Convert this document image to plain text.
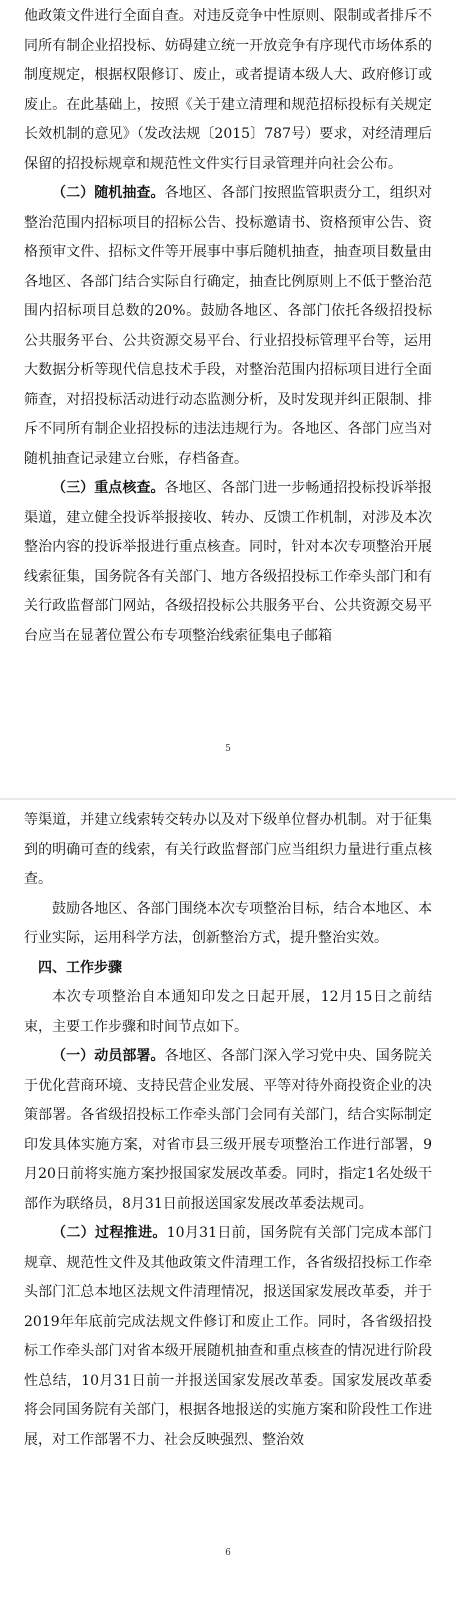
他政策文件进行全面自查。对违反竞争中性原则、限制或者排斥不同所有制企业招投标、妨碍建立统一开放竞争有序现代市场体系的制度规定，根据权限修订、废止，或者提请本级人大、政府修订或废止。在此基础上，按照《关于建立清理和规范招标投标有关规定长效机制的意见》（发改法规〔2015〕787号）要求，对经清理后保留的招投标规章和规范性文件实行目录管理并向社会公布。

（二）随机抽查。各地区、各部门按照监管职责分工，组织对整治范围内招标项目的招标公告、投标邀请书、资格预审公告、资格预审文件、招标文件等开展事中事后随机抽查，抽查项目数量由各地区、各部门结合实际自行确定，抽查比例原则上不低于整治范围内招标项目总数的20%。鼓励各地区、各部门依托各级招投标公共服务平台、公共资源交易平台、行业招投标管理平台等，运用大数据分析等现代信息技术手段，对整治范围内招标项目进行全面筛查，对招投标活动进行动态监测分析，及时发现并纠正限制、排斥不同所有制企业招投标的违法违规行为。各地区、各部门应当对随机抽查记录建立台账，存档备查。

（三）重点核查。各地区、各部门进一步畅通招投标投诉举报渠道，建立健全投诉举报接收、转办、反馈工作机制，对涉及本次整治内容的投诉举报进行重点核查。同时，针对本次专项整治开展线索征集，国务院各有关部门、地方各级招投标工作牵头部门和有关行政监督部门网站，各级招投标公共服务平台、公共资源交易平台应当在显著位置公布专项整治线索征集电子邮箱

5

等渠道，并建立线索转交转办以及对下级单位督办机制。对于征集到的明确可查的线索，有关行政监督部门应当组织力量进行重点核查。

鼓励各地区、各部门围绕本次专项整治目标，结合本地区、本行业实际，运用科学方法，创新整治方式，提升整治实效。

四、工作步骤

本次专项整治自本通知印发之日起开展，12月15日之前结束，主要工作步骤和时间节点如下。

（一）动员部署。各地区、各部门深入学习党中央、国务院关于优化营商环境、支持民营企业发展、平等对待外商投资企业的决策部署。各省级招投标工作牵头部门会同有关部门，结合实际制定印发具体实施方案，对省市县三级开展专项整治工作进行部署，9月20日前将实施方案抄报国家发展改革委。同时，指定1名处级干部作为联络员，8月31日前报送国家发展改革委法规司。

（二）过程推进。10月31日前，国务院有关部门完成本部门规章、规范性文件及其他政策文件清理工作，各省级招投标工作牵头部门汇总本地区法规文件清理情况，报送国家发展改革委，并于2019年年底前完成法规文件修订和废止工作。同时，各省级招投标工作牵头部门对省本级开展随机抽查和重点核查的情况进行阶段性总结，10月31日前一并报送国家发展改革委。国家发展改革委将会同国务院有关部门，根据各地报送的实施方案和阶段性工作进展，对工作部署不力、社会反映强烈、整治效

6
